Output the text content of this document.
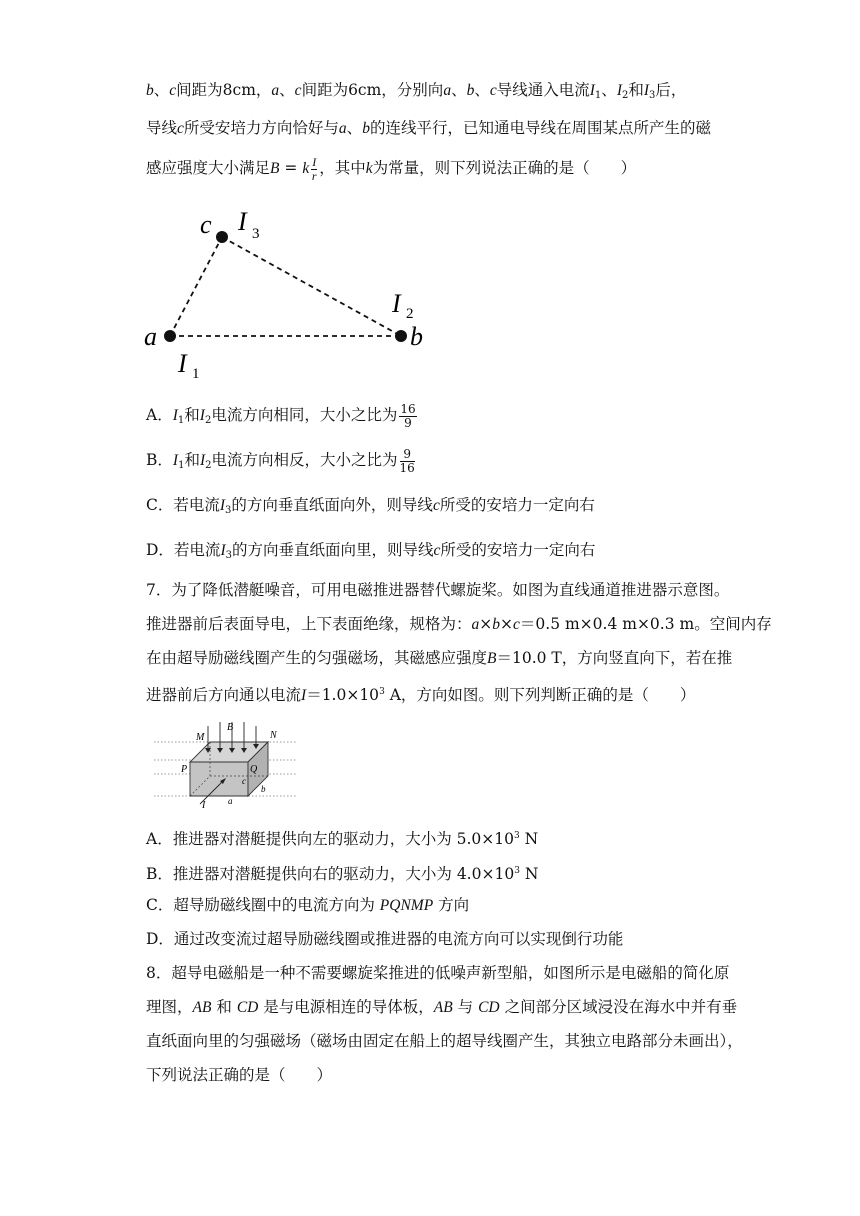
b、c间距为8cm，a、c间距为6cm，分别向a、b、c导线通入电流$I_1$、$I_2$和$I_3$后，
导线c所受安培力方向恰好与a、b的连线平行，已知通电导线在周围某点所产生的磁
感应强度大小满足B = k $\frac{I}{r}$ ，其中k为常量，则下列说法正确的是（　　）
a	b
c
I 1
I 2
I 3
A．$I_1$和$I_2$电流方向相同，大小之比为 $\frac{16}{9}$
B．$I_1$和$I_2$电流方向相反，大小之比为 $\frac{9}{16}$
C．若电流$I_3$的方向垂直纸面向外，则导线c所受的安培力一定向右
D．若电流$I_3$的方向垂直纸面向里，则导线c所受的安培力一定向右
7．为了降低潜艇噪音，可用电磁推进器替代螺旋桨。如图为直线通道推进器示意图。
推进器前后表面导电，上下表面绝缘，规格为：a×b×c＝0.5 m×0.4 m×0.3 m。空间内存
在由超导励磁线圈产生的匀强磁场，其磁感应强度B＝10.0 T，方向竖直向下，若在推
进器前后方向通以电流$I=1.0\times 10^3$ A，方向如图。则下列判断正确的是（　　）
M	N
B
P	Q
I	a
b
c
A．推进器对潜艇提供向左的驱动力，大小为 $5.0\times 10^3$ N
B．推进器对潜艇提供向右的驱动力，大小为 $4.0\times 10^3$ N
C．超导励磁线圈中的电流方向为 PQNMP 方向
D．通过改变流过超导励磁线圈或推进器的电流方向可以实现倒行功能
8．超导电磁船是一种不需要螺旋桨推进的低噪声新型船，如图所示是电磁船的简化原
理图，AB 和 CD 是与电源相连的导体板，AB 与 CD 之间部分区域浸没在海水中并有垂
直纸面向里的匀强磁场（磁场由固定在船上的超导线圈产生，其独立电路部分未画出），
下列说法正确的是（　　）
